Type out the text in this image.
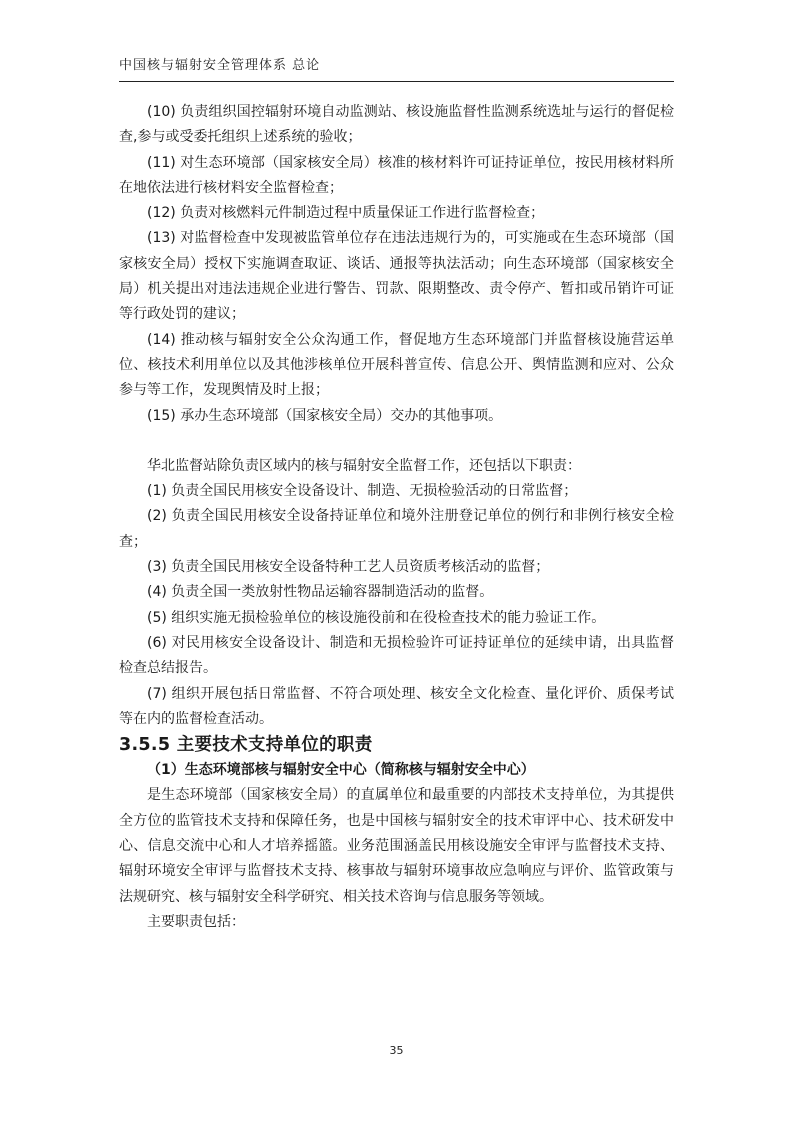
中国核与辐射安全管理体系 总论

(10) 负责组织国控辐射环境自动监测站、核设施监督性监测系统选址与运行的督促检查,参与或受委托组织上述系统的验收；

(11) 对生态环境部（国家核安全局）核准的核材料许可证持证单位，按民用核材料所在地依法进行核材料安全监督检查；

(12) 负责对核燃料元件制造过程中质量保证工作进行监督检查；

(13) 对监督检查中发现被监管单位存在违法违规行为的，可实施或在生态环境部（国家核安全局）授权下实施调查取证、谈话、通报等执法活动；向生态环境部（国家核安全局）机关提出对违法违规企业进行警告、罚款、限期整改、责令停产、暂扣或吊销许可证等行政处罚的建议；

(14) 推动核与辐射安全公众沟通工作，督促地方生态环境部门并监督核设施营运单位、核技术利用单位以及其他涉核单位开展科普宣传、信息公开、舆情监测和应对、公众参与等工作，发现舆情及时上报；

(15) 承办生态环境部（国家核安全局）交办的其他事项。

华北监督站除负责区域内的核与辐射安全监督工作，还包括以下职责：

(1) 负责全国民用核安全设备设计、制造、无损检验活动的日常监督；

(2) 负责全国民用核安全设备持证单位和境外注册登记单位的例行和非例行核安全检查；

(3) 负责全国民用核安全设备特种工艺人员资质考核活动的监督；

(4) 负责全国一类放射性物品运输容器制造活动的监督。

(5) 组织实施无损检验单位的核设施役前和在役检查技术的能力验证工作。

(6) 对民用核安全设备设计、制造和无损检验许可证持证单位的延续申请，出具监督检查总结报告。

(7) 组织开展包括日常监督、不符合项处理、核安全文化检查、量化评价、质保考试等在内的监督检查活动。

3.5.5 主要技术支持单位的职责

（1）生态环境部核与辐射安全中心（简称核与辐射安全中心）

是生态环境部（国家核安全局）的直属单位和最重要的内部技术支持单位，为其提供全方位的监管技术支持和保障任务，也是中国核与辐射安全的技术审评中心、技术研发中心、信息交流中心和人才培养摇篮。业务范围涵盖民用核设施安全审评与监督技术支持、辐射环境安全审评与监督技术支持、核事故与辐射环境事故应急响应与评价、监管政策与法规研究、核与辐射安全科学研究、相关技术咨询与信息服务等领域。

主要职责包括：

35
